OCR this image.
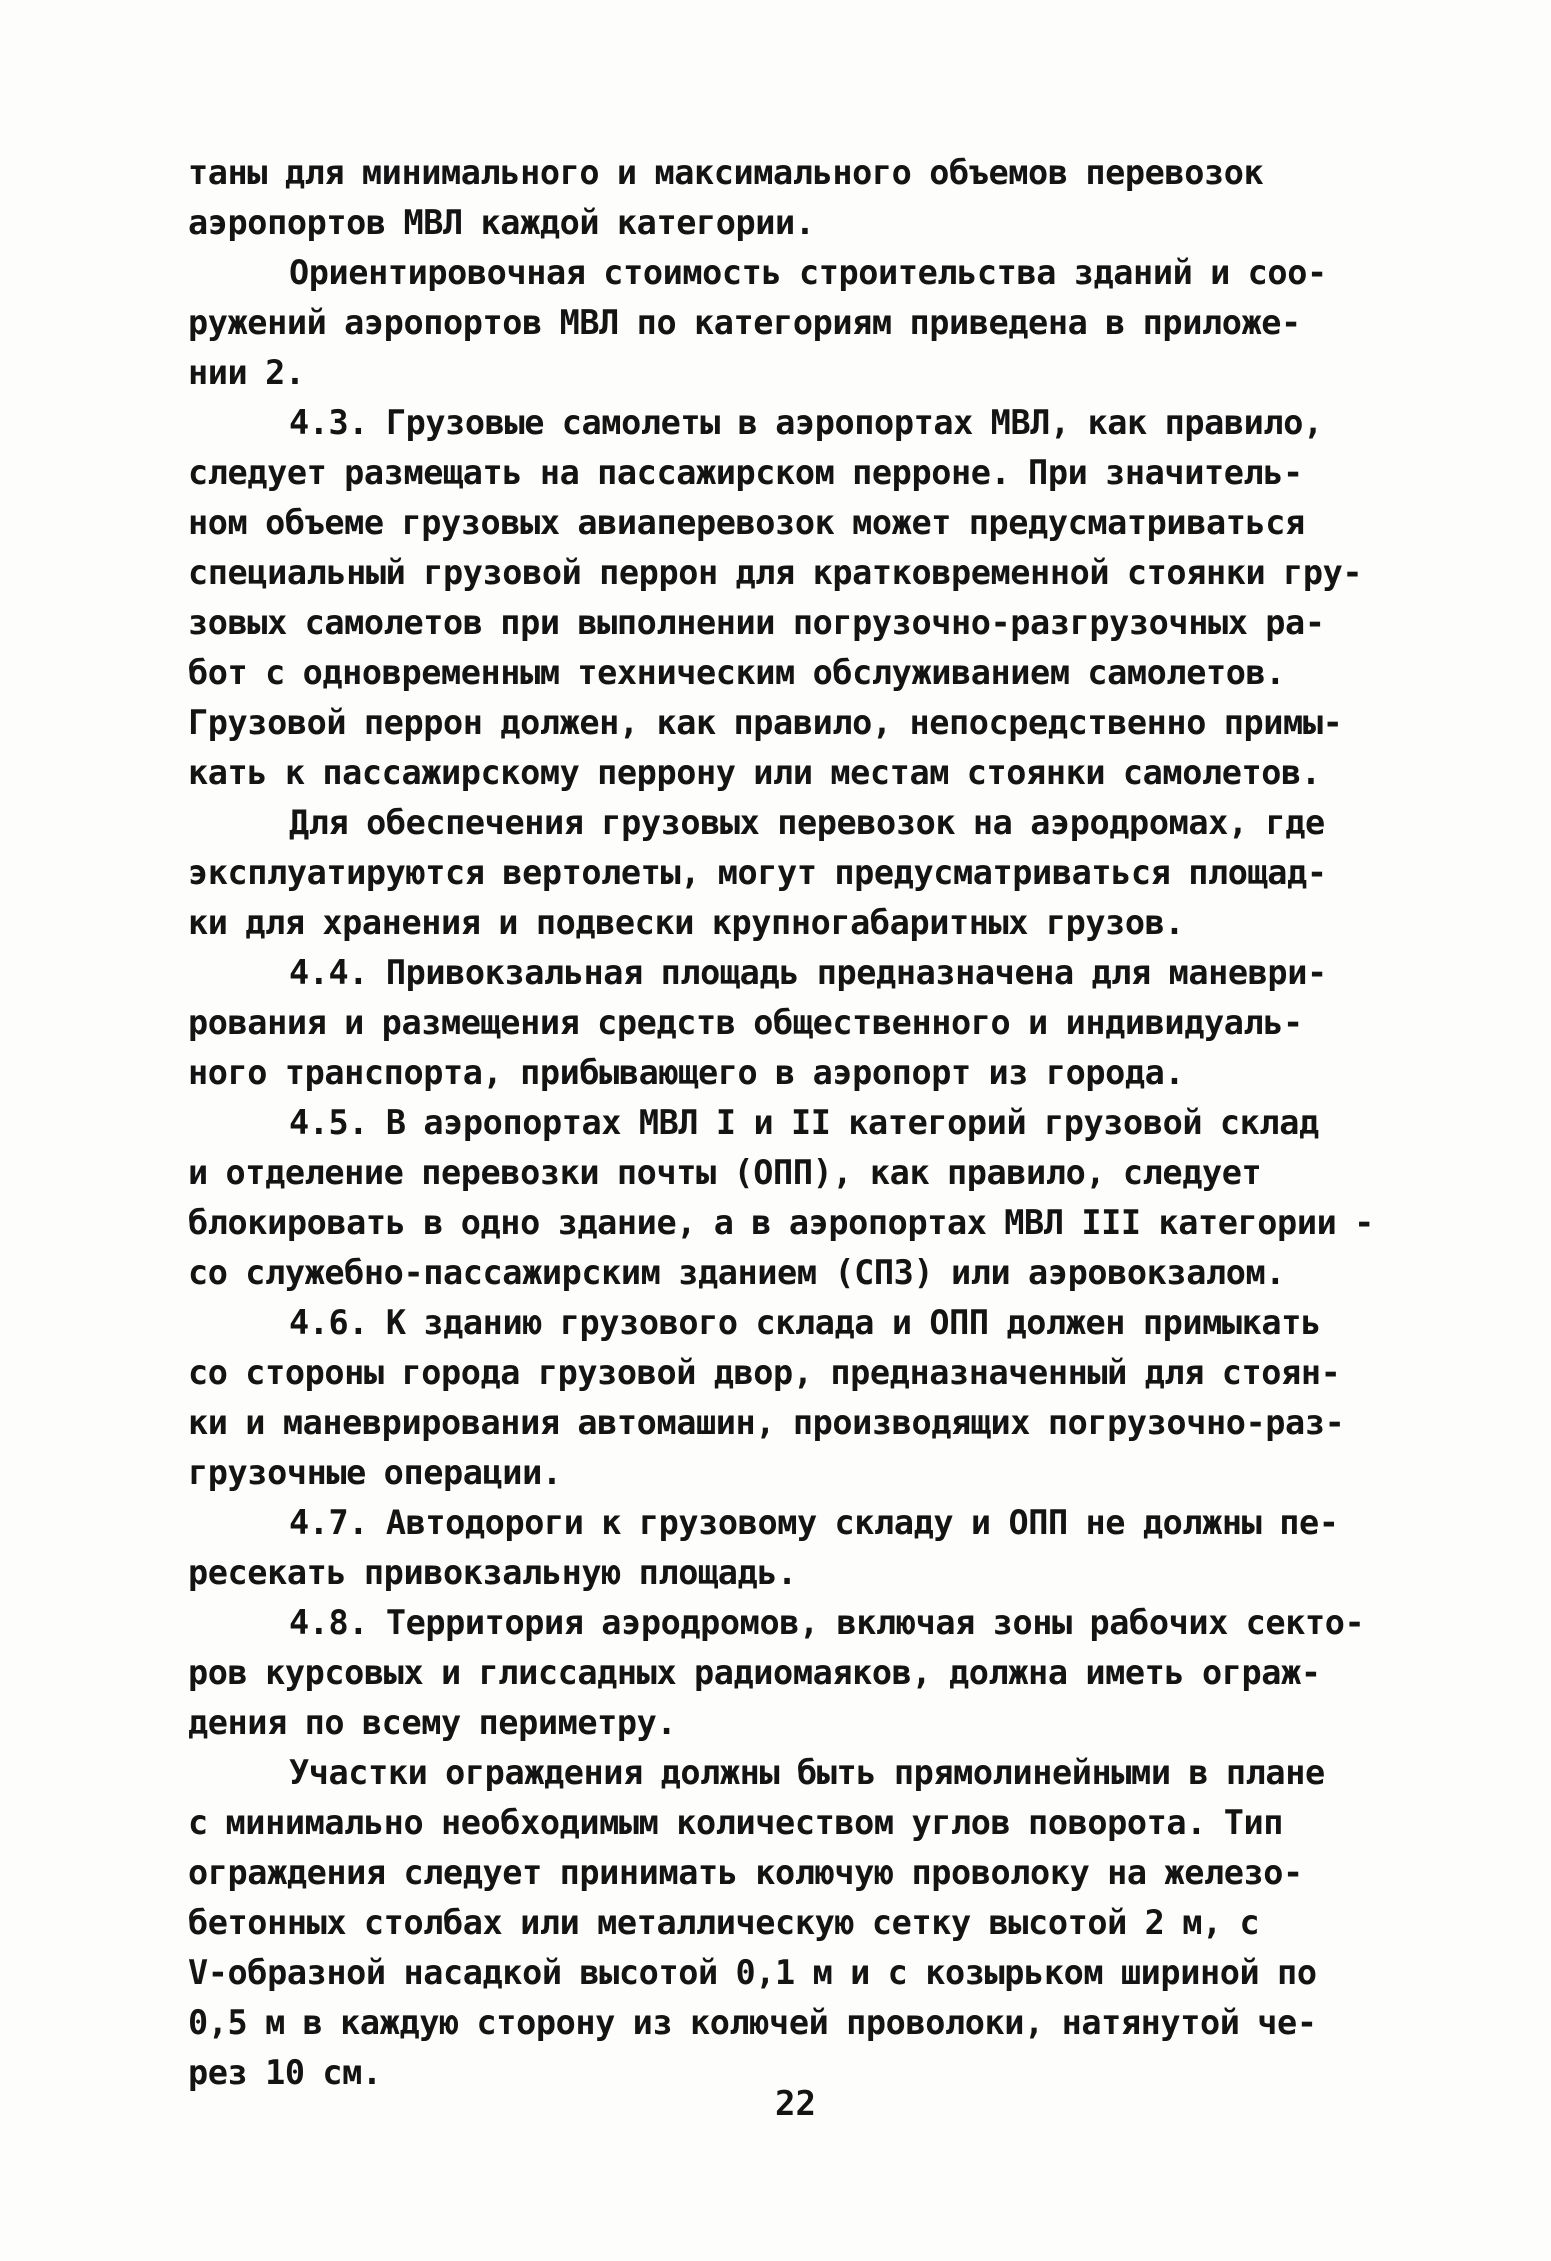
таны для минимального и максимального объемов перевозок
аэропортов МВЛ каждой категории.
Ориентировочная стоимость строительства зданий и соо-
ружений аэропортов МВЛ по категориям приведена в приложе-
нии 2.
4.3. Грузовые самолеты в аэропортах МВЛ, как правило,
следует размещать на пассажирском перроне. При значитель-
ном объеме грузовых авиаперевозок может предусматриваться
специальный грузовой перрон для кратковременной стоянки гру-
зовых самолетов при выполнении погрузочно-разгрузочных ра-
бот с одновременным техническим обслуживанием самолетов.
Грузовой перрон должен, как правило, непосредственно примы-
кать к пассажирскому перрону или местам стоянки самолетов.
Для обеспечения грузовых перевозок на аэродромах, где
эксплуатируются вертолеты, могут предусматриваться площад-
ки для хранения и подвески крупногабаритных грузов.
4.4. Привокзальная площадь предназначена для маневри-
рования и размещения средств общественного и индивидуаль-
ного транспорта, прибывающего в аэропорт из города.
4.5. В аэропортах МВЛ I и II категорий грузовой склад
и отделение перевозки почты (ОПП), как правило, следует
блокировать в одно здание, а в аэропортах МВЛ III категории -
со служебно-пассажирским зданием (СПЗ) или аэровокзалом.
4.6. К зданию грузового склада и ОПП должен примыкать
со стороны города грузовой двор, предназначенный для стоян-
ки и маневрирования автомашин, производящих погрузочно-раз-
грузочные операции.
4.7. Автодороги к грузовому складу и ОПП не должны пе-
ресекать привокзальную площадь.
4.8. Территория аэродромов, включая зоны рабочих секто-
ров курсовых и глиссадных радиомаяков, должна иметь ограж-
дения по всему периметру.
Участки ограждения должны быть прямолинейными в плане
с минимально необходимым количеством углов поворота. Тип
ограждения следует принимать колючую проволоку на железо-
бетонных столбах или металлическую сетку высотой 2 м, с
V-образной насадкой высотой 0,1 м и с козырьком шириной по
0,5 м в каждую сторону из колючей проволоки, натянутой че-
рез 10 см.
22
